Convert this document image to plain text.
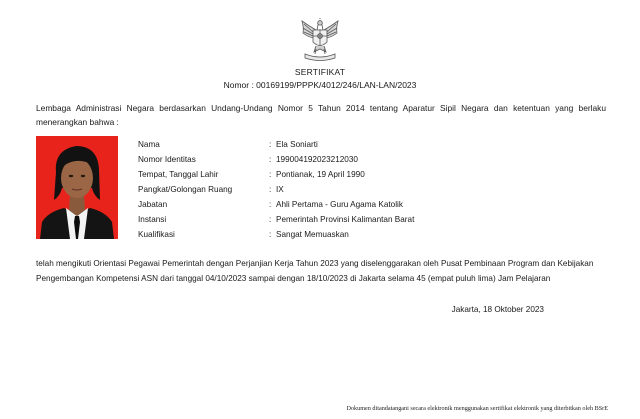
SERTIFIKAT
Nomor : 00169199/PPPK/4012/246/LAN-LAN/2023
Lembaga Administrasi Negara berdasarkan Undang-Undang Nomor 5 Tahun 2014 tentang Aparatur Sipil Negara dan ketentuan yang berlaku menerangkan bahwa :
Nama	: Ela Soniarti
Nomor Identitas	: 199004192023212030
Tempat, Tanggal Lahir	: Pontianak, 19 April 1990
Pangkat/Golongan Ruang	: IX
Jabatan	: Ahli Pertama - Guru Agama Katolik
Instansi	: Pemerintah Provinsi Kalimantan Barat
Kualifikasi	: Sangat Memuaskan
telah mengikuti Orientasi Pegawai Pemerintah dengan Perjanjian Kerja Tahun 2023 yang diselenggarakan oleh Pusat Pembinaan Program dan Kebijakan Pengembangan Kompetensi ASN dari tanggal 04/10/2023 sampai dengan 18/10/2023 di Jakarta selama 45 (empat puluh lima) Jam Pelajaran
Jakarta, 18 Oktober 2023
Dokumen ditandatangani secara elektronik menggunakan sertifikat elektronik yang diterbitkan oleh BSrE
